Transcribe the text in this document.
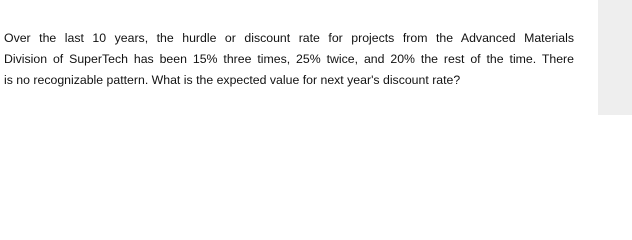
Over the last 10 years, the hurdle or discount rate for projects from the Advanced Materials
Division of SuperTech has been 15% three times, 25% twice, and 20% the rest of the time. There
is no recognizable pattern. What is the expected value for next year's discount rate?
